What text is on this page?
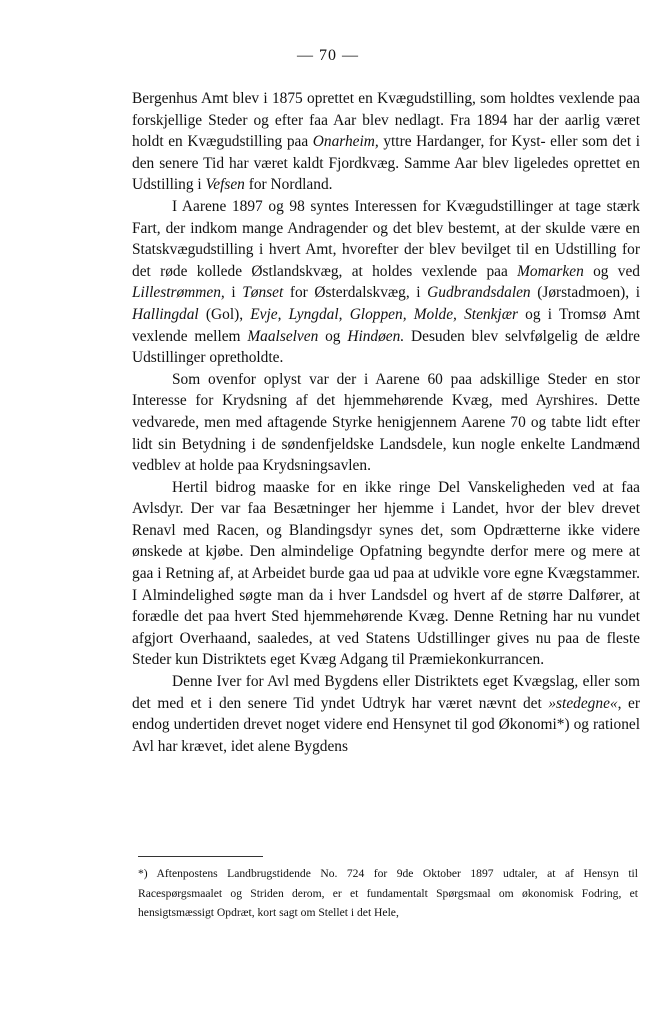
— 70 —

Bergenhus Amt blev i 1875 oprettet en Kvægudstilling, som holdtes vexlende paa forskjellige Steder og efter faa Aar blev nedlagt. Fra 1894 har der aarlig været holdt en Kvægudstilling paa Onarheim, yttre Hardanger, for Kyst- eller som det i den senere Tid har været kaldt Fjordkvæg. Samme Aar blev ligeledes oprettet en Udstilling i Vefsen for Nordland.

I Aarene 1897 og 98 syntes Interessen for Kvægudstillinger at tage stærk Fart, der indkom mange Andragender og det blev bestemt, at der skulde være en Statskvægudstilling i hvert Amt, hvorefter der blev bevilget til en Udstilling for det røde kollede Østlandskvæg, at holdes vexlende paa Momarken og ved Lillestrømmen, i Tønset for Østerdalskvæg, i Gudbrandsdalen (Jørstadmoen), i Hallingdal (Gol), Evje, Lyngdal, Gloppen, Molde, Stenkjær og i Tromsø Amt vexlende mellem Maalselven og Hindøen. Desuden blev selvfølgelig de ældre Udstillinger opretholdte.

Som ovenfor oplyst var der i Aarene 60 paa adskillige Steder en stor Interesse for Krydsning af det hjemmehørende Kvæg, med Ayrshires. Dette vedvarede, men med aftagende Styrke henigjennem Aarene 70 og tabte lidt efter lidt sin Betydning i de søndenfjeldske Landsdele, kun nogle enkelte Landmænd vedblev at holde paa Krydsningsavlen.

Hertil bidrog maaske for en ikke ringe Del Vanskeligheden ved at faa Avlsdyr. Der var faa Besætninger her hjemme i Landet, hvor der blev drevet Renavl med Racen, og Blandingsdyr synes det, som Opdrætterne ikke videre ønskede at kjøbe. Den almindelige Opfatning begyndte derfor mere og mere at gaa i Retning af, at Arbeidet burde gaa ud paa at udvikle vore egne Kvægstammer. I Almindelighed søgte man da i hver Landsdel og hvert af de større Dalfører, at forædle det paa hvert Sted hjemmehørende Kvæg. Denne Retning har nu vundet afgjort Overhaand, saaledes, at ved Statens Udstillinger gives nu paa de fleste Steder kun Distriktets eget Kvæg Adgang til Præmiekonkurrancen.

Denne Iver for Avl med Bygdens eller Distriktets eget Kvægslag, eller som det med et i den senere Tid yndet Udtryk har været nævnt det »stedegne«, er endog undertiden drevet noget videre end Hensynet til god Økonomi*) og rationel Avl har krævet, idet alene Bygdens

*) Aftenpostens Landbrugstidende No. 724 for 9de Oktober 1897 udtaler, at af Hensyn til Racespørgsmaalet og Striden derom, er et fundamentalt Spørgsmaal om økonomisk Fodring, et hensigtsmæssigt Opdræt, kort sagt om Stellet i det Hele,
